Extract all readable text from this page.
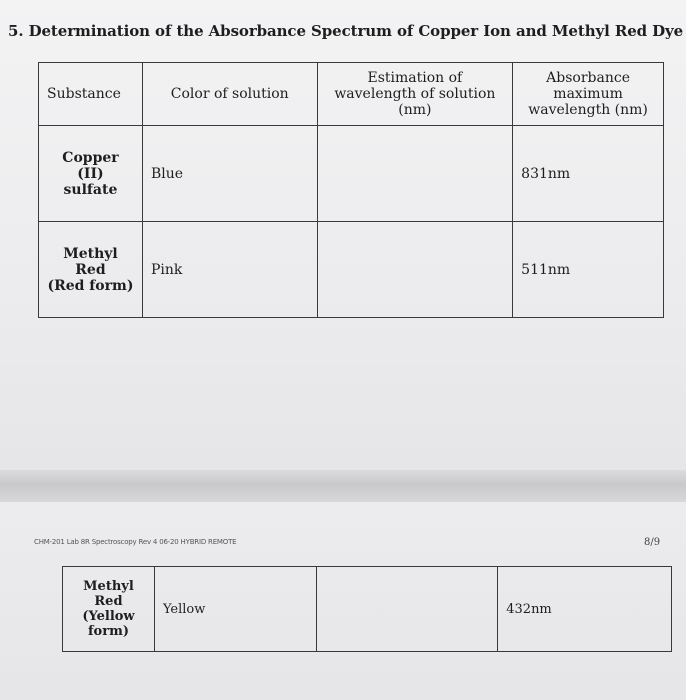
5. Determination of the Absorbance Spectrum of Copper Ion and Methyl Red Dye
Substance	Color of solution	Estimation of wavelength of solution (nm)	Absorbance
maximum
wavelength (nm)
Copper (II)
sulfate	Blue		831nm
Methyl Red
(Red form)	Pink		511nm
CHM-201 Lab 8R Spectroscopy Rev 4 06-20 HYBRID REMOTE	8/9
Methyl Red
(Yellow
form)	Yellow		432nm
